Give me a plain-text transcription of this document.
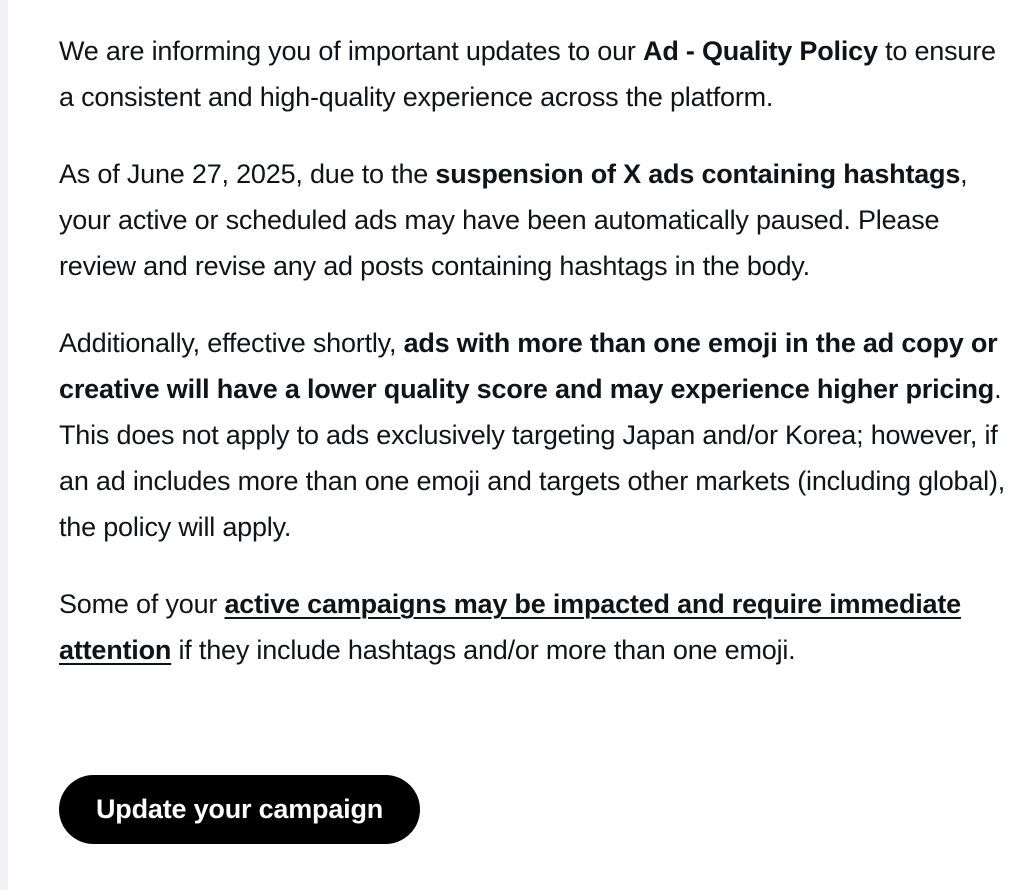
We are informing you of important updates to our Ad - Quality Policy to ensure a consistent and high-quality experience across the platform.

As of June 27, 2025, due to the suspension of X ads containing hashtags, your active or scheduled ads may have been automatically paused. Please review and revise any ad posts containing hashtags in the body.

Additionally, effective shortly, ads with more than one emoji in the ad copy or creative will have a lower quality score and may experience higher pricing. This does not apply to ads exclusively targeting Japan and/or Korea; however, if an ad includes more than one emoji and targets other markets (including global), the policy will apply.

Some of your active campaigns may be impacted and require immediate attention if they include hashtags and/or more than one emoji.

Update your campaign
